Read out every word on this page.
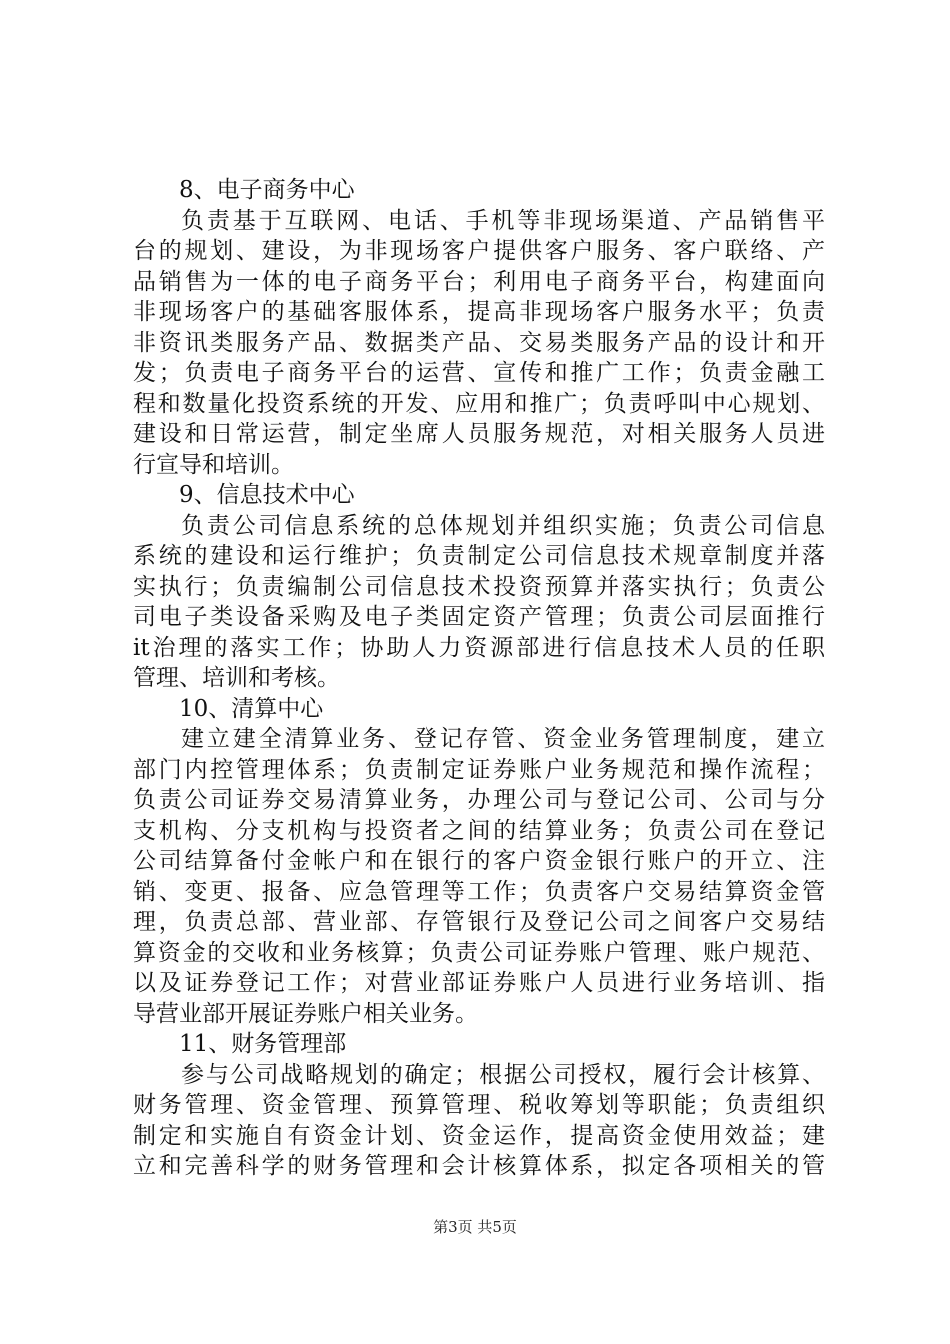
8、电子商务中心

负责基于互联网、电话、手机等非现场渠道、产品销售平
台的规划、建设，为非现场客户提供客户服务、客户联络、产
品销售为一体的电子商务平台；利用电子商务平台，构建面向
非现场客户的基础客服体系，提高非现场客户服务水平；负责
非资讯类服务产品、数据类产品、交易类服务产品的设计和开
发；负责电子商务平台的运营、宣传和推广工作；负责金融工
程和数量化投资系统的开发、应用和推广；负责呼叫中心规划、
建设和日常运营，制定坐席人员服务规范，对相关服务人员进
行宣导和培训。

9、信息技术中心

负责公司信息系统的总体规划并组织实施；负责公司信息
系统的建设和运行维护；负责制定公司信息技术规章制度并落
实执行；负责编制公司信息技术投资预算并落实执行；负责公
司电子类设备采购及电子类固定资产管理；负责公司层面推行
it治理的落实工作；协助人力资源部进行信息技术人员的任职
管理、培训和考核。

10、清算中心

建立建全清算业务、登记存管、资金业务管理制度，建立
部门内控管理体系；负责制定证券账户业务规范和操作流程；
负责公司证券交易清算业务，办理公司与登记公司、公司与分
支机构、分支机构与投资者之间的结算业务；负责公司在登记
公司结算备付金帐户和在银行的客户资金银行账户的开立、注
销、变更、报备、应急管理等工作；负责客户交易结算资金管
理，负责总部、营业部、存管银行及登记公司之间客户交易结
算资金的交收和业务核算；负责公司证券账户管理、账户规范、
以及证券登记工作；对营业部证券账户人员进行业务培训、指
导营业部开展证券账户相关业务。

11、财务管理部

参与公司战略规划的确定；根据公司授权，履行会计核算、
财务管理、资金管理、预算管理、税收筹划等职能；负责组织
制定和实施自有资金计划、资金运作，提高资金使用效益；建
立和完善科学的财务管理和会计核算体系，拟定各项相关的管
第3页 共5页
